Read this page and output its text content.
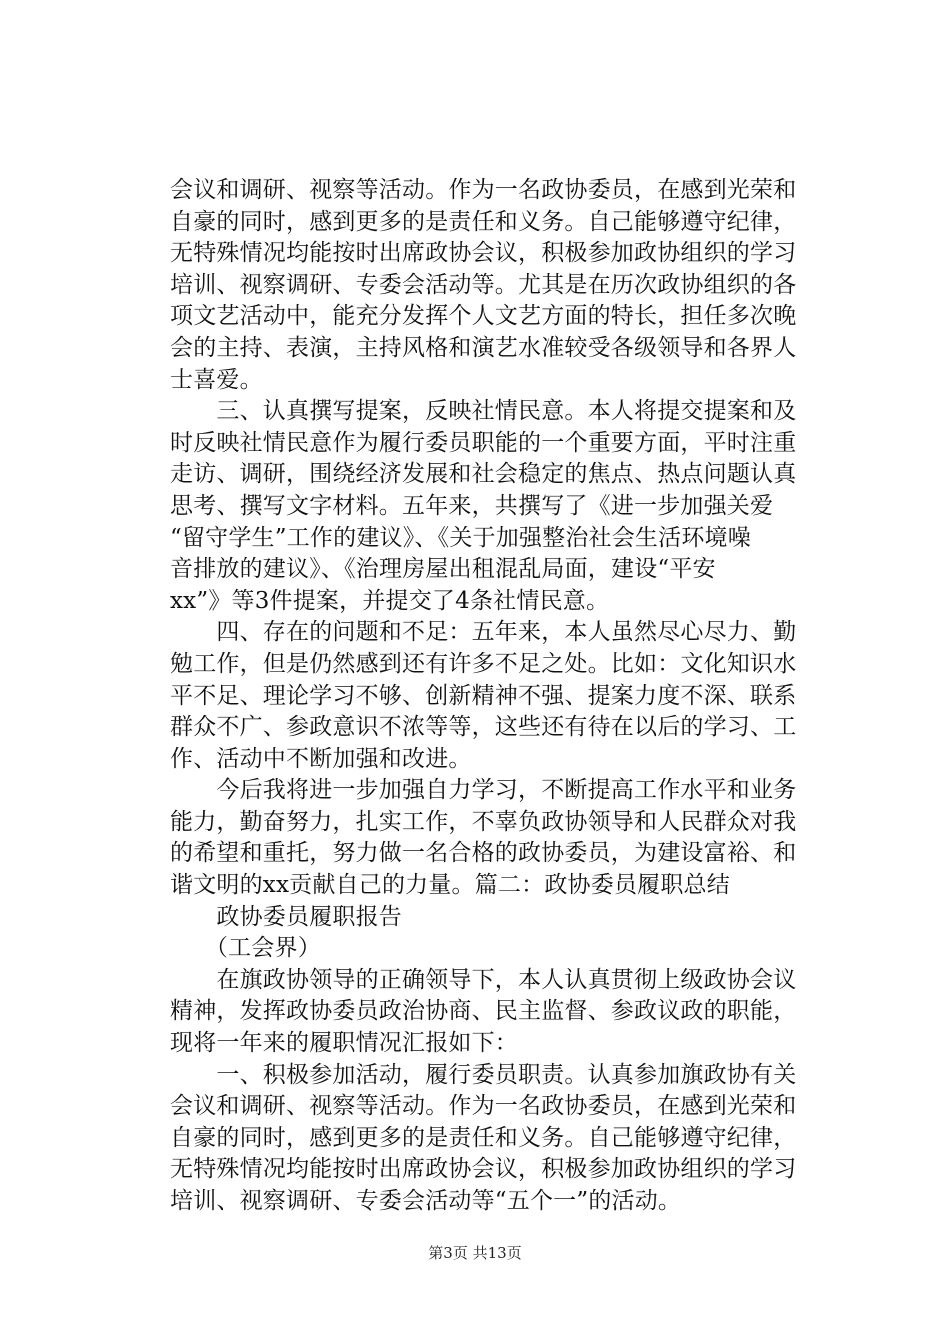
会议和调研、视察等活动。作为一名政协委员，在感到光荣和
自豪的同时，感到更多的是责任和义务。自己能够遵守纪律，
无特殊情况均能按时出席政协会议，积极参加政协组织的学习
培训、视察调研、专委会活动等。尤其是在历次政协组织的各
项文艺活动中，能充分发挥个人文艺方面的特长，担任多次晚
会的主持、表演，主持风格和演艺水准较受各级领导和各界人
士喜爱。
　　三、认真撰写提案，反映社情民意。本人将提交提案和及
时反映社情民意作为履行委员职能的一个重要方面，平时注重
走访、调研，围绕经济发展和社会稳定的焦点、热点问题认真
思考、撰写文字材料。五年来，共撰写了《进一步加强关爱
“留守学生”工作的建议》、《关于加强整治社会生活环境噪
音排放的建议》、《治理房屋出租混乱局面，建设“平安
xx”》等3件提案，并提交了4条社情民意。
　　四、存在的问题和不足：五年来，本人虽然尽心尽力、勤
勉工作，但是仍然感到还有许多不足之处。比如：文化知识水
平不足、理论学习不够、创新精神不强、提案力度不深、联系
群众不广、参政意识不浓等等，这些还有待在以后的学习、工
作、活动中不断加强和改进。
　　今后我将进一步加强自力学习，不断提高工作水平和业务
能力，勤奋努力，扎实工作，不辜负政协领导和人民群众对我
的希望和重托，努力做一名合格的政协委员，为建设富裕、和
谐文明的xx贡献自己的力量。篇二：政协委员履职总结
　　政协委员履职报告
　　（工会界）
　　在旗政协领导的正确领导下，本人认真贯彻上级政协会议
精神，发挥政协委员政治协商、民主监督、参政议政的职能，
现将一年来的履职情况汇报如下：
　　一、积极参加活动，履行委员职责。认真参加旗政协有关
会议和调研、视察等活动。作为一名政协委员，在感到光荣和
自豪的同时，感到更多的是责任和义务。自己能够遵守纪律，
无特殊情况均能按时出席政协会议，积极参加政协组织的学习
培训、视察调研、专委会活动等“五个一”的活动。
第3页 共13页
